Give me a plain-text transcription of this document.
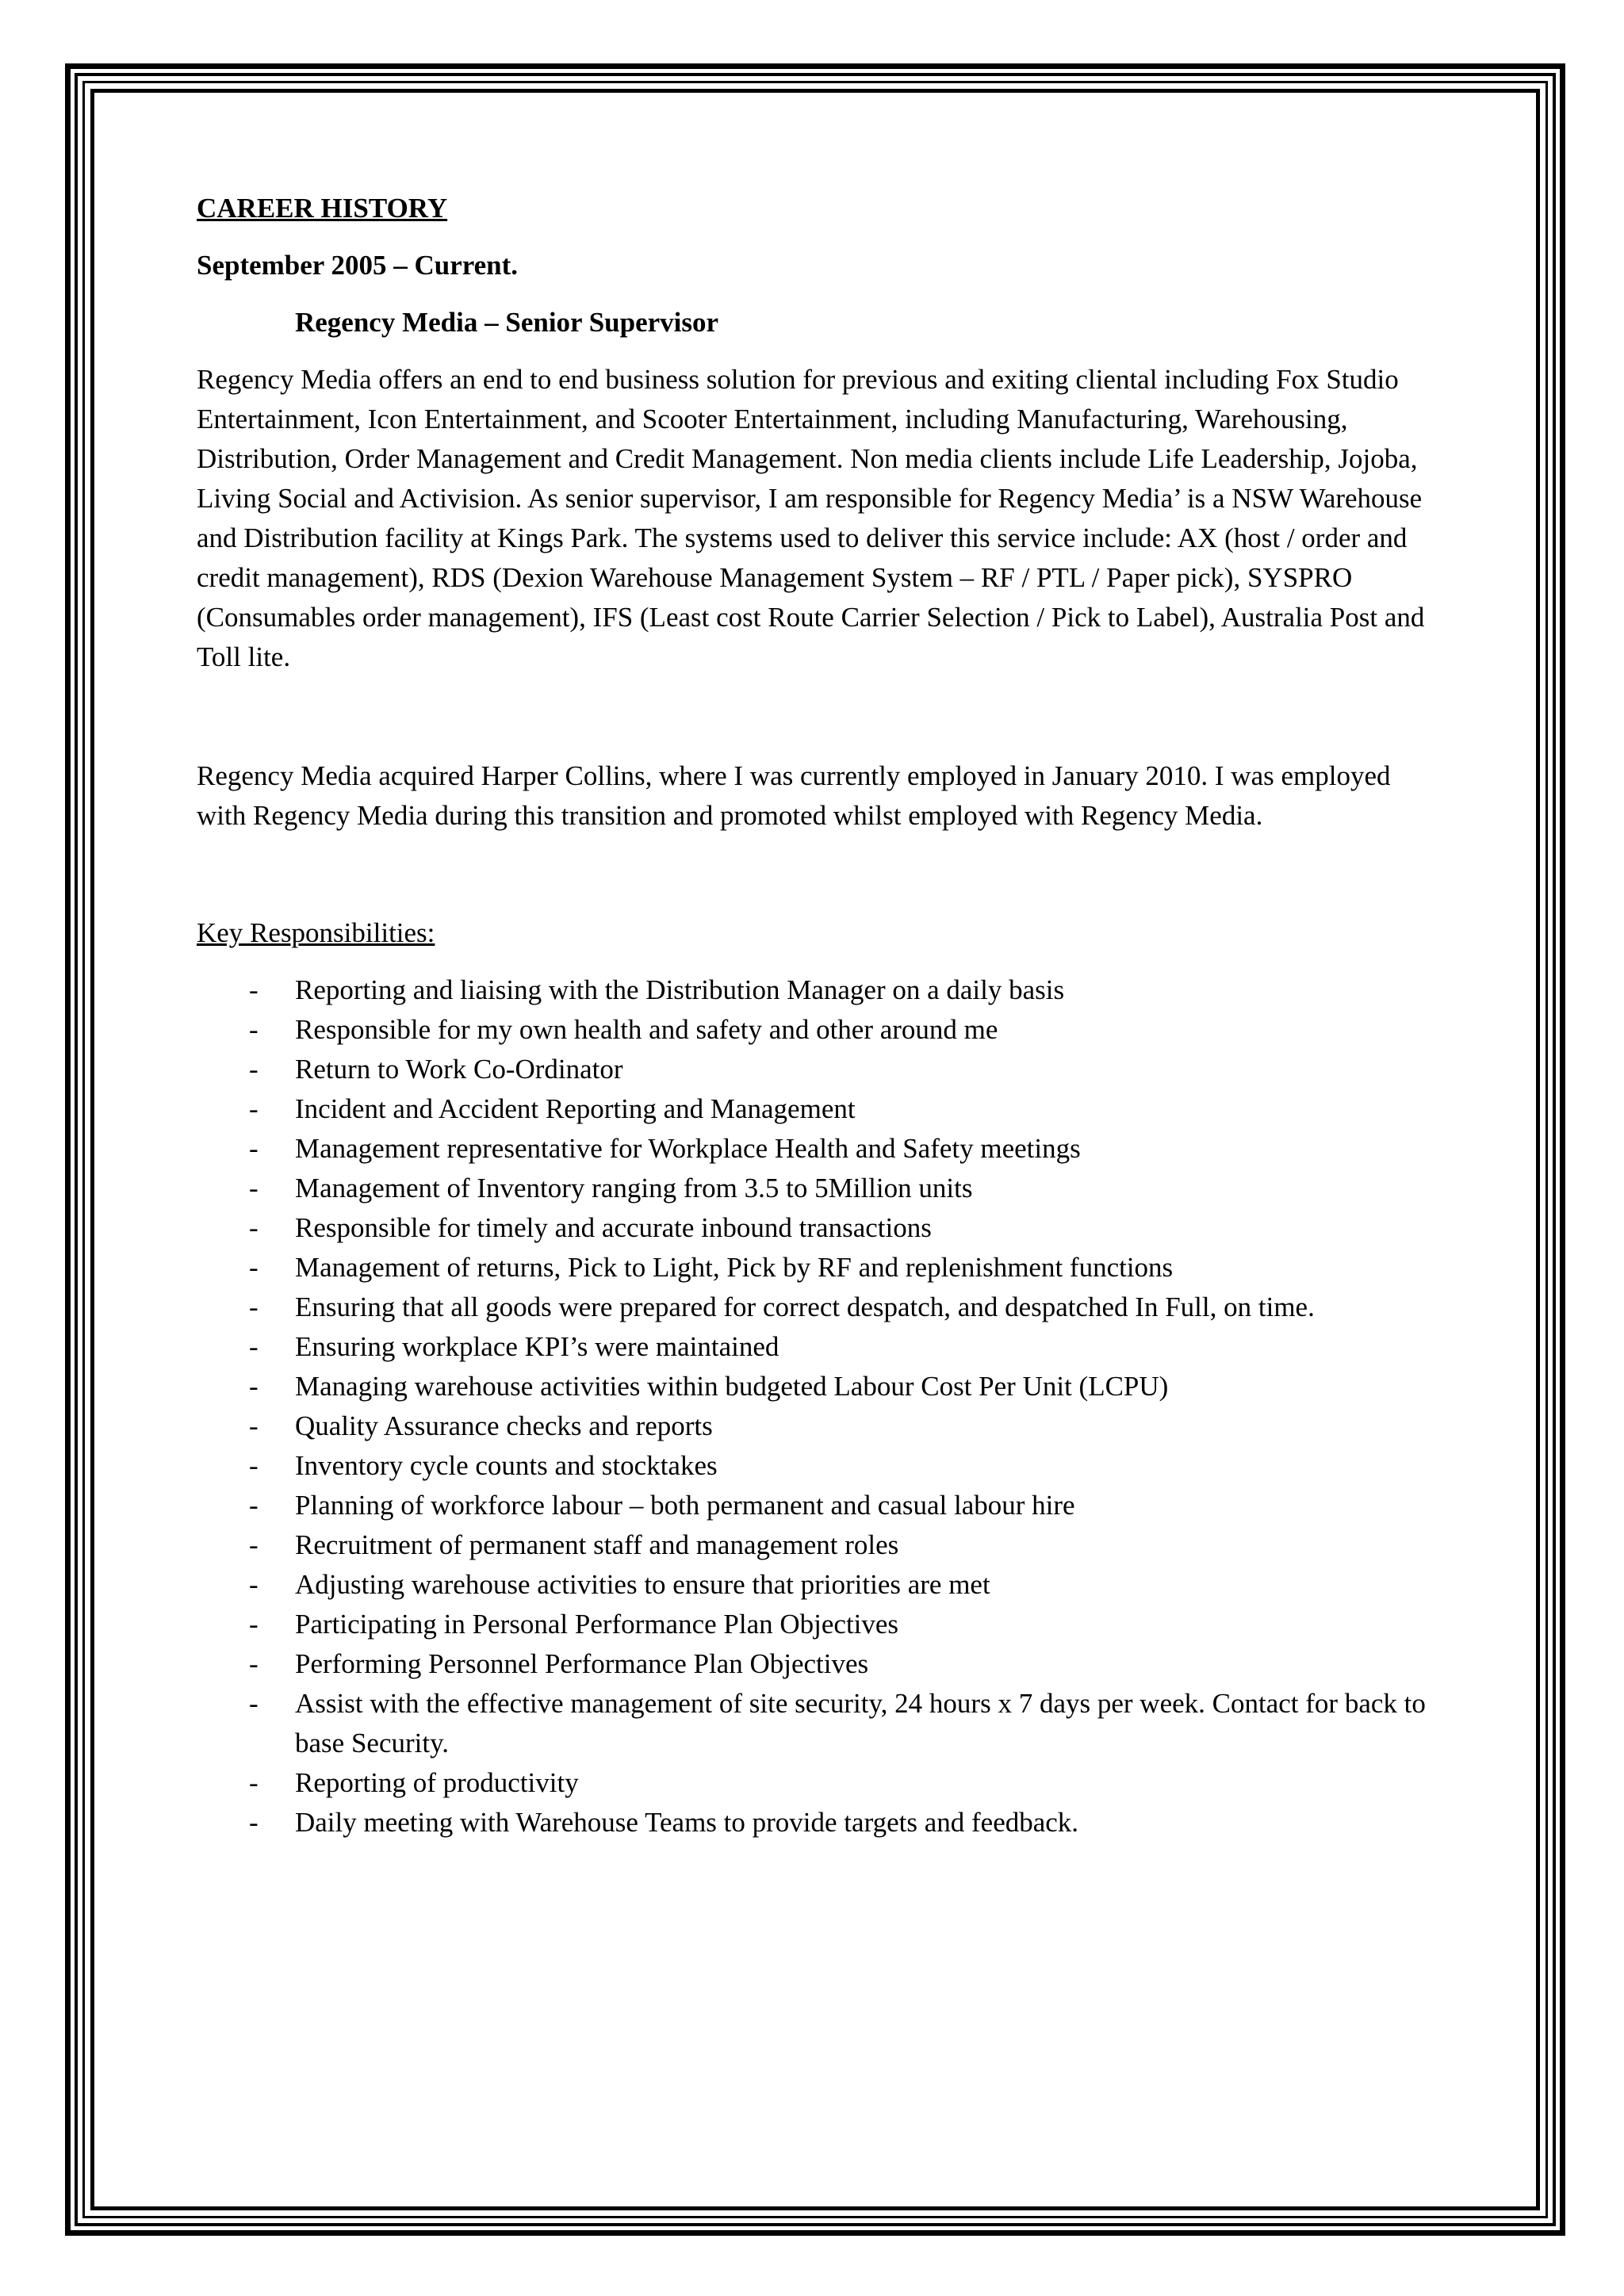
CAREER HISTORY
September 2005 – Current.
Regency Media – Senior Supervisor

Regency Media offers an end to end business solution for previous and exiting cliental including Fox Studio Entertainment, Icon Entertainment, and Scooter Entertainment, including Manufacturing, Warehousing, Distribution, Order Management and Credit Management. Non media clients include Life Leadership, Jojoba, Living Social and Activision. As senior supervisor, I am responsible for Regency Media’ is a NSW Warehouse and Distribution facility at Kings Park. The systems used to deliver this service include: AX (host / order and credit management), RDS (Dexion Warehouse Management System – RF / PTL / Paper pick), SYSPRO (Consumables order management), IFS (Least cost Route Carrier Selection / Pick to Label), Australia Post and Toll lite.

Regency Media acquired Harper Collins, where I was currently employed in January 2010. I was employed with Regency Media during this transition and promoted whilst employed with Regency Media.

Key Responsibilities:
- Reporting and liaising with the Distribution Manager on a daily basis
- Responsible for my own health and safety and other around me
- Return to Work Co-Ordinator
- Incident and Accident Reporting and Management
- Management representative for Workplace Health and Safety meetings
- Management of Inventory ranging from 3.5 to 5Million units
- Responsible for timely and accurate inbound transactions
- Management of returns, Pick to Light, Pick by RF and replenishment functions
- Ensuring that all goods were prepared for correct despatch, and despatched In Full, on time.
- Ensuring workplace KPI’s were maintained
- Managing warehouse activities within budgeted Labour Cost Per Unit (LCPU)
- Quality Assurance checks and reports
- Inventory cycle counts and stocktakes
- Planning of workforce labour – both permanent and casual labour hire
- Recruitment of permanent staff and management roles
- Adjusting warehouse activities to ensure that priorities are met
- Participating in Personal Performance Plan Objectives
- Performing Personnel Performance Plan Objectives
- Assist with the effective management of site security, 24 hours x 7 days per week. Contact for back to base Security.
- Reporting of productivity
- Daily meeting with Warehouse Teams to provide targets and feedback.
